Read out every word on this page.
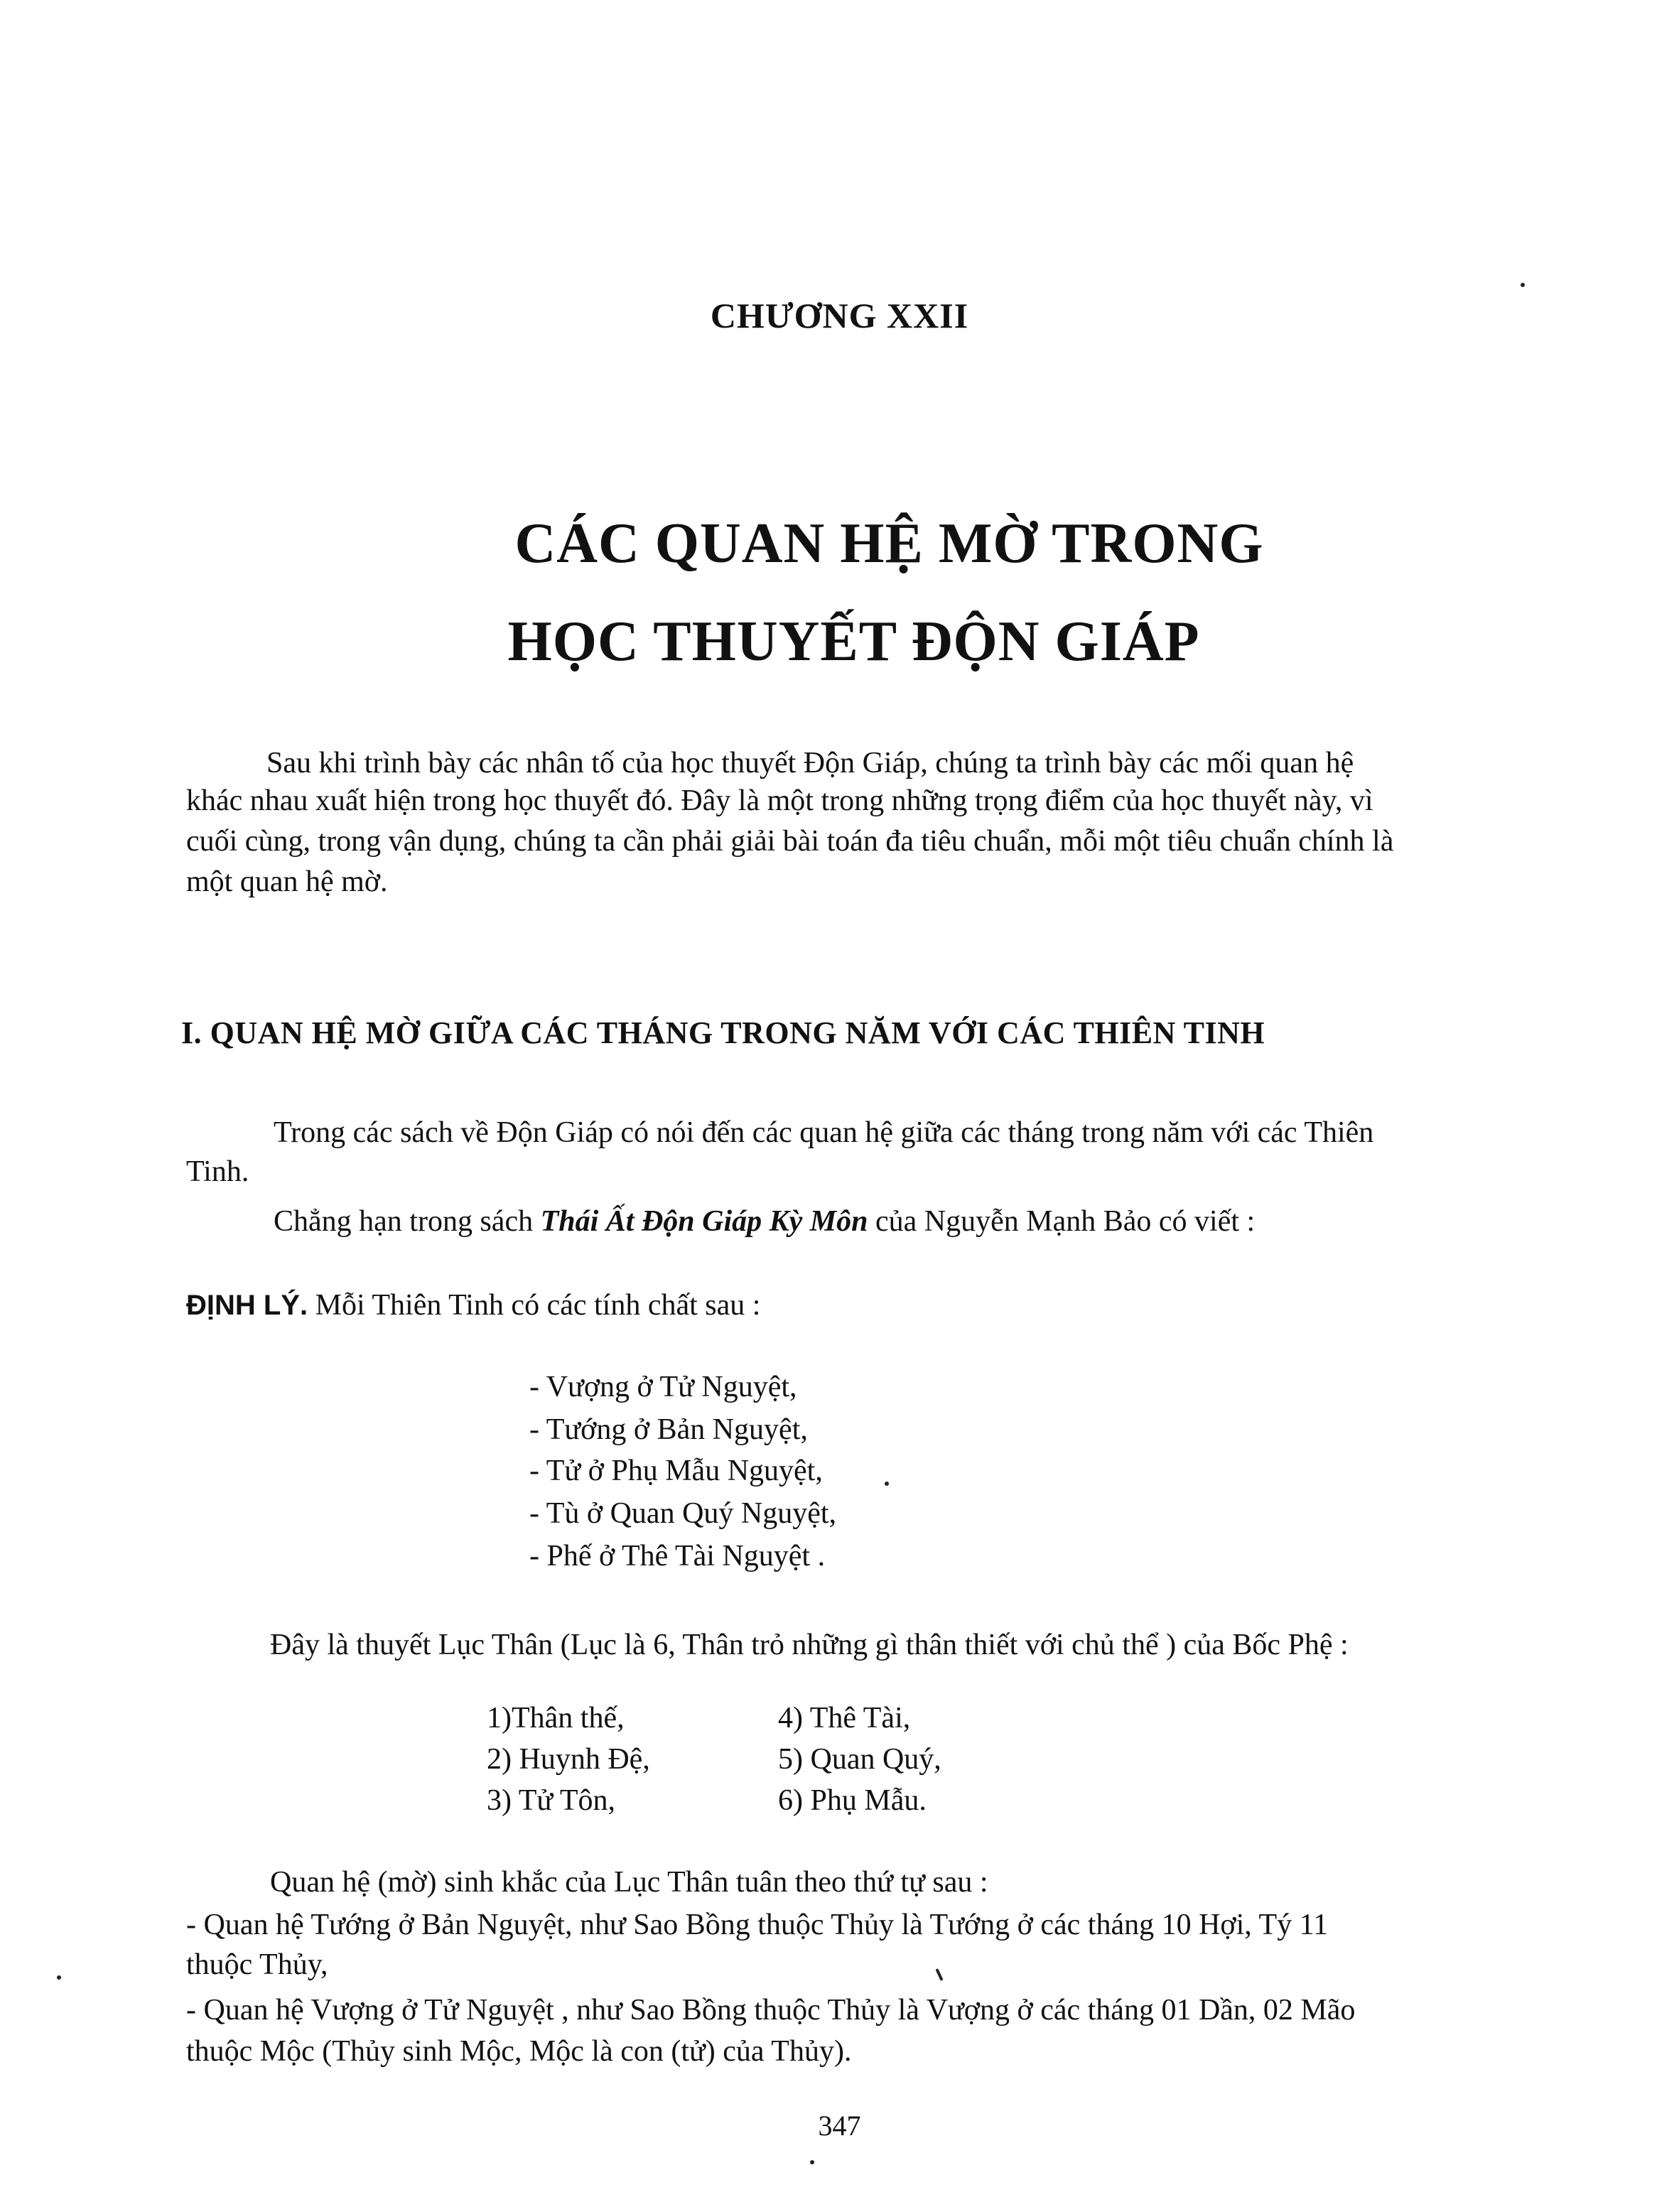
CHƯƠNG XXII
CÁC QUAN HỆ MỜ TRONG
HỌC THUYẾT ĐỘN GIÁP
Sau khi trình bày các nhân tố của học thuyết Độn Giáp, chúng ta trình bày các mối quan hệ
khác nhau xuất hiện trong học thuyết đó. Đây là một trong những trọng điểm của học thuyết này, vì
cuối cùng, trong vận dụng, chúng ta cần phải giải bài toán đa tiêu chuẩn, mỗi một tiêu chuẩn chính là
một quan hệ mờ.
I. QUAN HỆ MỜ GIỮA CÁC THÁNG TRONG NĂM VỚI CÁC THIÊN TINH
Trong các sách về Độn Giáp có nói đến các quan hệ giữa các tháng trong năm với các Thiên
Tinh.
Chẳng hạn trong sách Thái Ất Độn Giáp Kỳ Môn của Nguyễn Mạnh Bảo có viết :
ĐỊNH LÝ. Mỗi Thiên Tinh có các tính chất sau :
- Vượng ở Tử Nguyệt,
- Tướng ở Bản Nguyệt,
- Tử ở Phụ Mẫu Nguyệt,
- Tù ở Quan Quý Nguyệt,
- Phế ở Thê Tài Nguyệt .
Đây là thuyết Lục Thân (Lục là 6, Thân trỏ những gì thân thiết với chủ thể ) của Bốc Phệ :
1)Thân thế,
2) Huynh Đệ,
3) Tử Tôn,
4) Thê Tài,
5) Quan Quý,
6) Phụ Mẫu.
Quan hệ (mờ) sinh khắc của Lục Thân tuân theo thứ tự sau :
- Quan hệ Tướng ở Bản Nguyệt, như Sao Bồng thuộc Thủy là Tướng ở các tháng 10 Hợi, Tý 11
thuộc Thủy,
- Quan hệ Vượng ở Tử Nguyệt , như Sao Bồng thuộc Thủy là Vượng ở các tháng 01 Dần, 02 Mão
thuộc Mộc (Thủy sinh Mộc, Mộc là con (tử) của Thủy).
347
